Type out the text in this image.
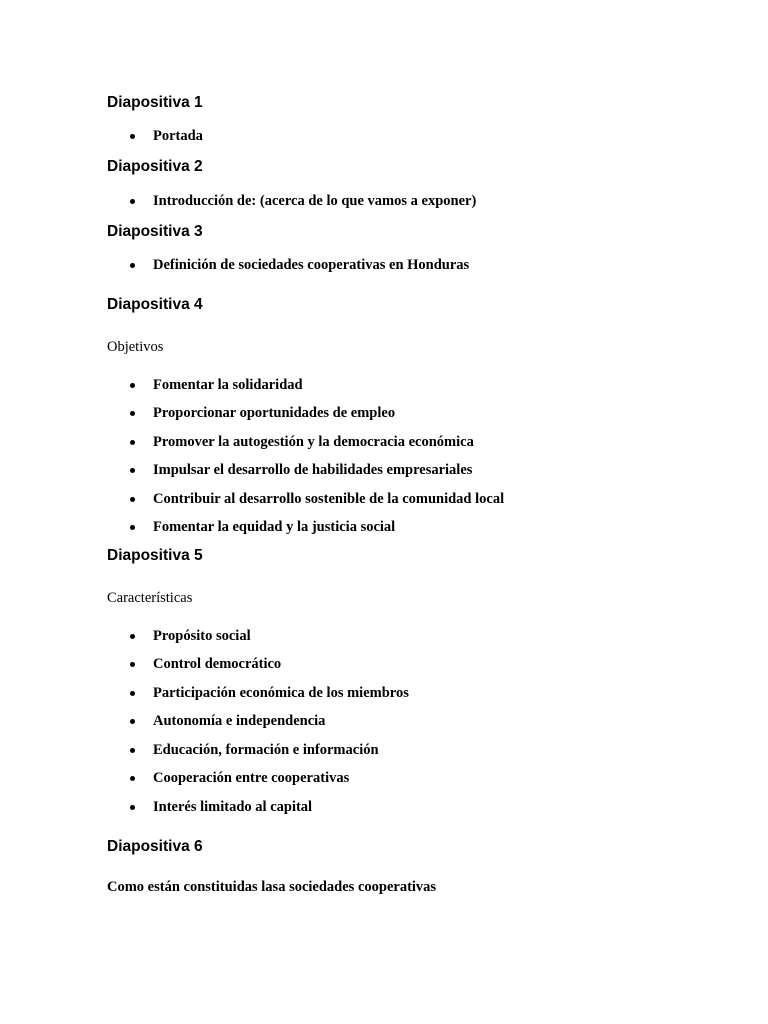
Diapositiva 1
Portada
Diapositiva 2
Introducción de: (acerca de lo que vamos a exponer)
Diapositiva 3
Definición de sociedades cooperativas en Honduras
Diapositiva 4

Objetivos

Fomentar la solidaridad
Proporcionar oportunidades de empleo
Promover la autogestión y la democracia económica
Impulsar el desarrollo de habilidades empresariales
Contribuir al desarrollo sostenible de la comunidad local
Fomentar la equidad y la justicia social
Diapositiva 5

Características

Propósito social
Control democrático
Participación económica de los miembros
Autonomía e independencia
Educación, formación e información
Cooperación entre cooperativas
Interés limitado al capital
Diapositiva 6

Como están constituidas lasa sociedades cooperativas
